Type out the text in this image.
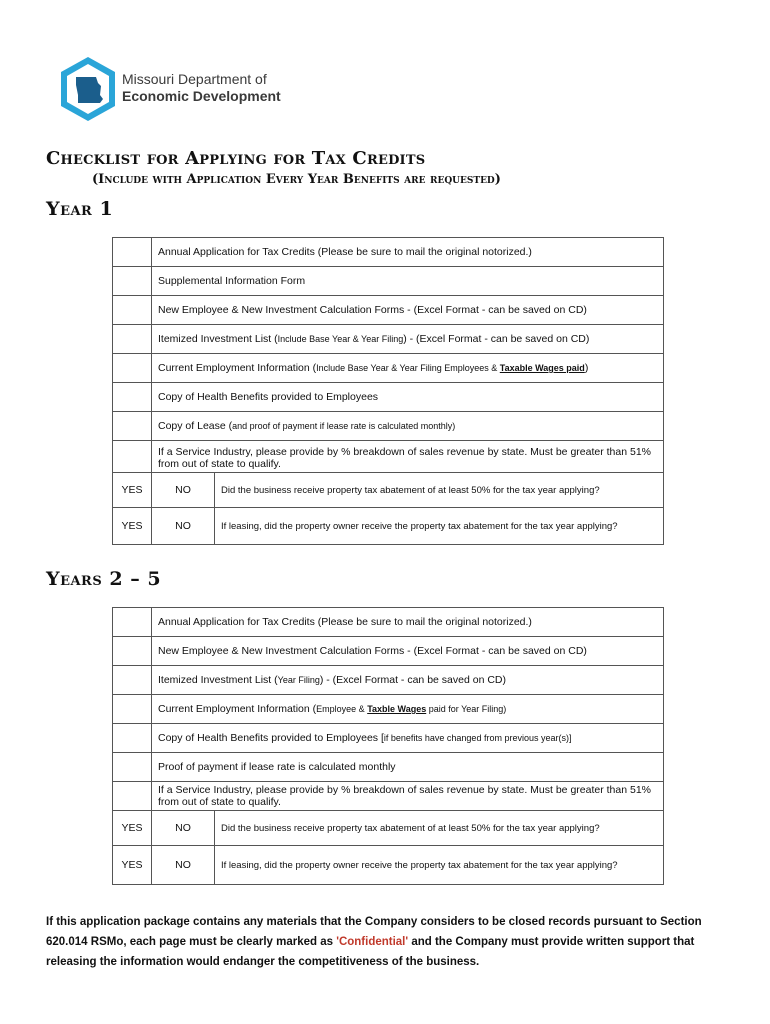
Missouri Department of
Economic Development
Checklist for Applying for Tax Credits
(Include with Application Every Year Benefits are requested)
Year 1
	Annual Application for Tax Credits (Please be sure to mail the original notorized.)	
	Supplemental Information Form	
	New Employee & New Investment Calculation Forms - (Excel Format - can be saved on CD)	
	Itemized Investment List (Include Base Year & Year Filing) - (Excel Format - can be saved on CD)	
	Current Employment Information (Include Base Year & Year Filing Employees & Taxable Wages paid)	
	Copy of Health Benefits provided to Employees	
	Copy of Lease (and proof of payment if lease rate is calculated monthly)	
	If a Service Industry, please provide by % breakdown of sales revenue by state. Must be greater than 51% from out of state to qualify.	
YES	NO	Did the business receive property tax abatement of at least 50% for the tax year applying?
YES	NO	If leasing, did the property owner receive the property tax abatement for the tax year applying?
Years 2 – 5
	Annual Application for Tax Credits (Please be sure to mail the original notorized.)	
	New Employee & New Investment Calculation Forms - (Excel Format - can be saved on CD)	
	Itemized Investment List (Year Filing) - (Excel Format - can be saved on CD)	
	Current Employment Information (Employee & Taxble Wages paid for Year Filing)	
	Copy of Health Benefits provided to Employees [if benefits have changed from previous year(s)]	
	Proof of payment if lease rate is calculated monthly	
	If a Service Industry, please provide by % breakdown of sales revenue by state. Must be greater than 51% from out of state to qualify.	
YES	NO	Did the business receive property tax abatement of at least 50% for the tax year applying?
YES	NO	If leasing, did the property owner receive the property tax abatement for the tax year applying?
If this application package contains any materials that the Company considers to be closed records pursuant to Section 620.014 RSMo, each page must be clearly marked as 'Confidential' and the Company must provide written support that releasing the information would endanger the competitiveness of the business.
